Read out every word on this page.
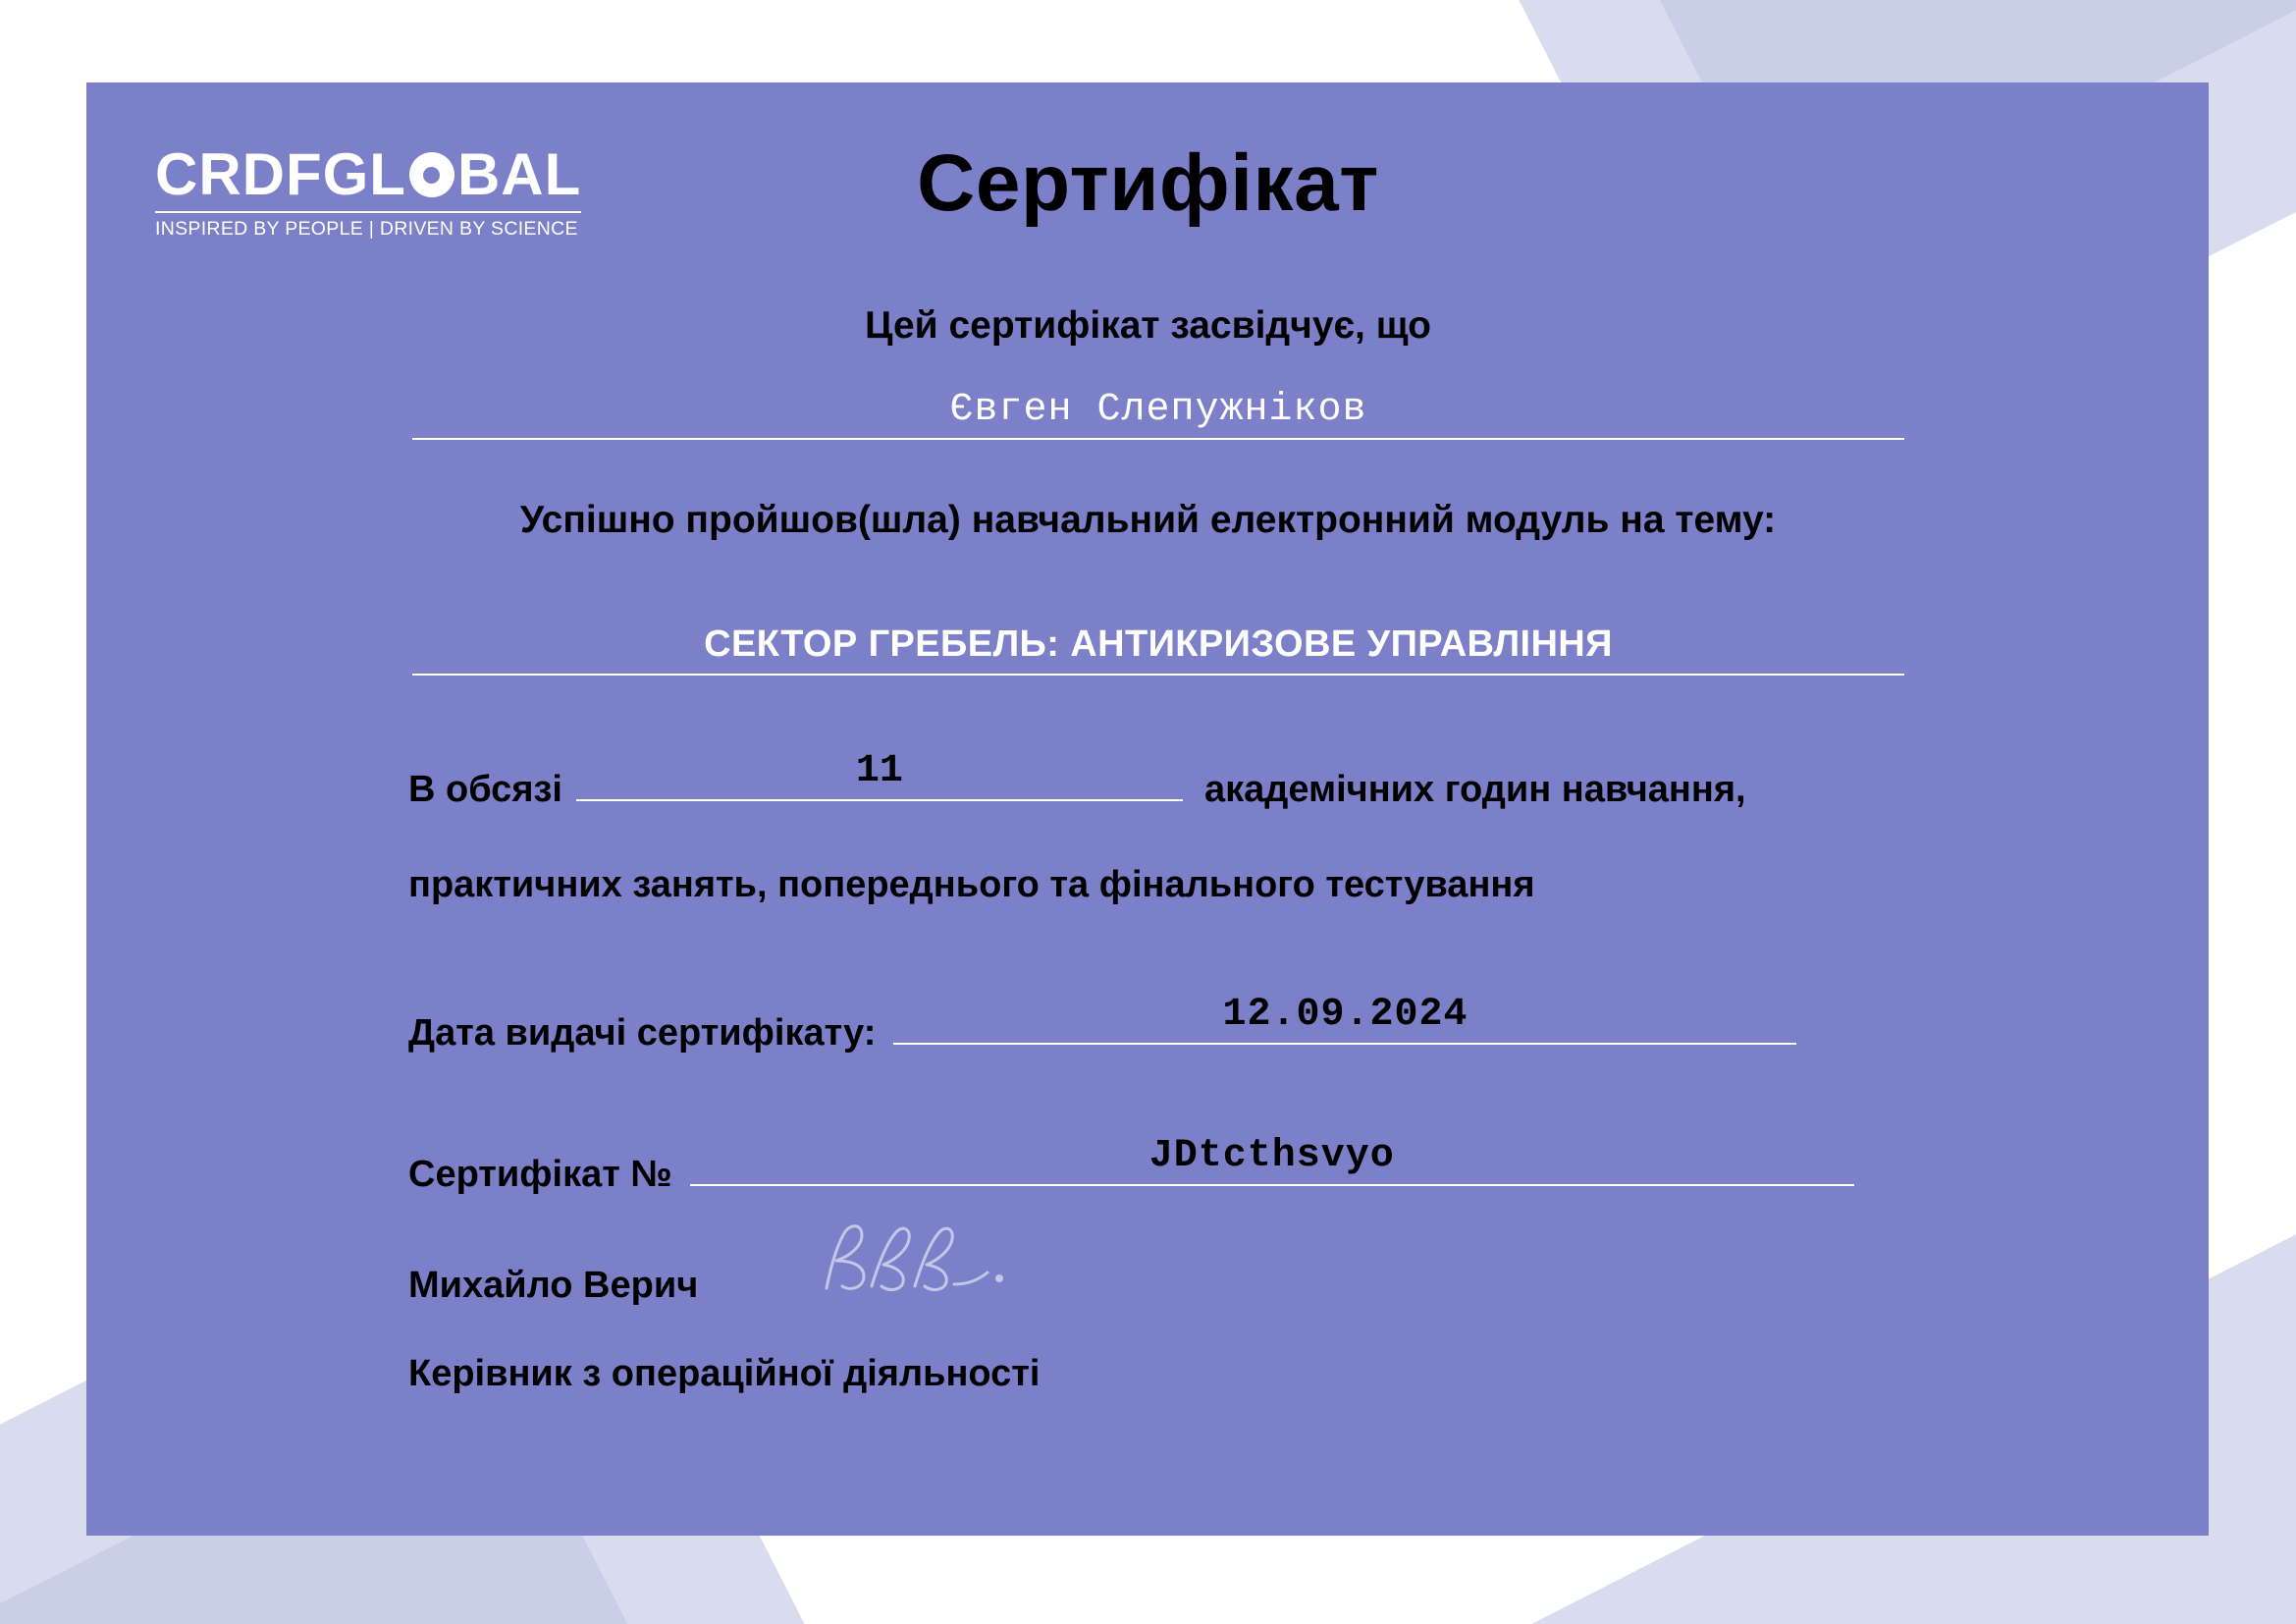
CRDFGL BAL
INSPIRED BY PEOPLE | DRIVEN BY SCIENCE
Сертифікат
Цей сертифікат засвідчує, що
Євген Слепужніков
Успішно пройшов(шла) навчальний електронний модуль на тему:
СЕКТОР ГРЕБЕЛЬ: АНТИКРИЗОВЕ УПРАВЛІННЯ
В обсязі	11	академічних годин навчання,
практичних занять, попереднього та фінального тестування
Дата видачі сертифікату:	12.09.2024
Сертифікат №	JDtcthsvyo
Михайло Верич
Керівник з операційної діяльності
